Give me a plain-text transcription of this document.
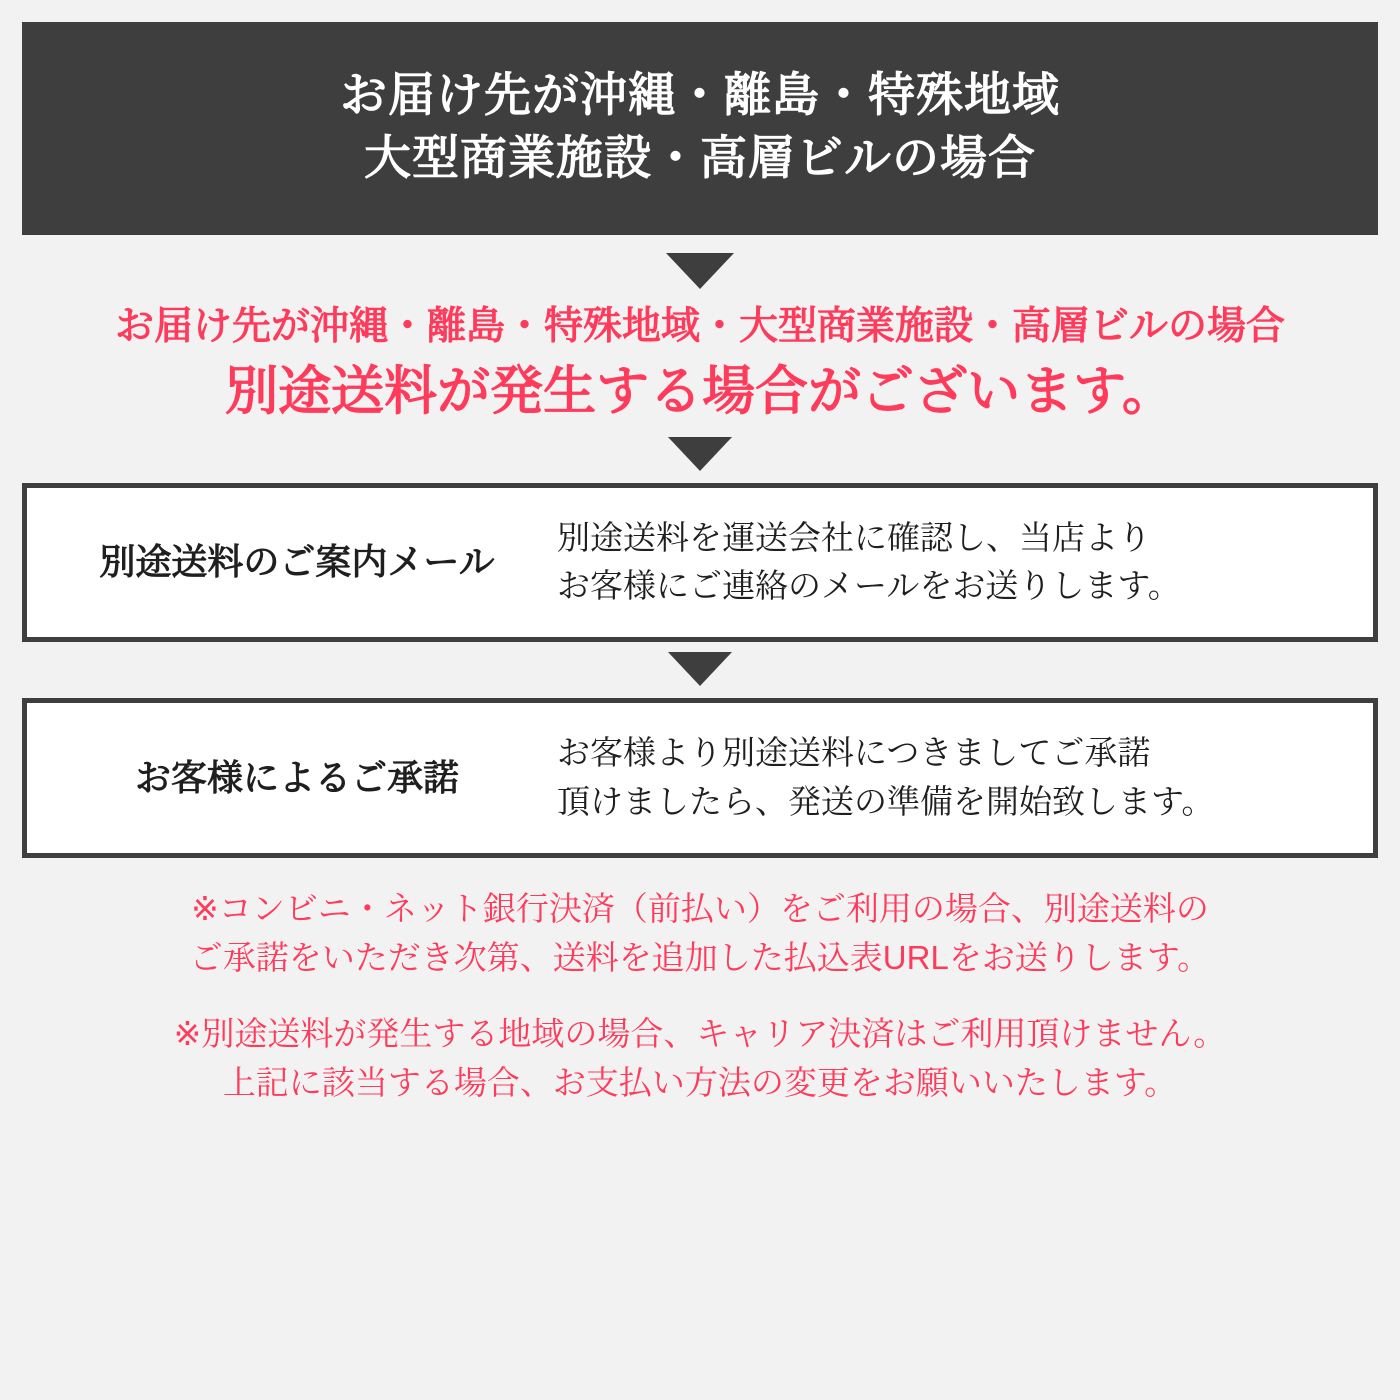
お届け先が沖縄・離島・特殊地域
大型商業施設・高層ビルの場合
お届け先が沖縄・離島・特殊地域・大型商業施設・高層ビルの場合
別途送料が発生する場合がございます。
別途送料のご案内メール
別途送料を運送会社に確認し、当店より
お客様にご連絡のメールをお送りします。
お客様によるご承諾
お客様より別途送料につきましてご承諾
頂けましたら、発送の準備を開始致します。
※コンビニ・ネット銀行決済（前払い）をご利用の場合、別途送料の
ご承諾をいただき次第、送料を追加した払込表URLをお送りします。
※別途送料が発生する地域の場合、キャリア決済はご利用頂けません。
上記に該当する場合、お支払い方法の変更をお願いいたします。
